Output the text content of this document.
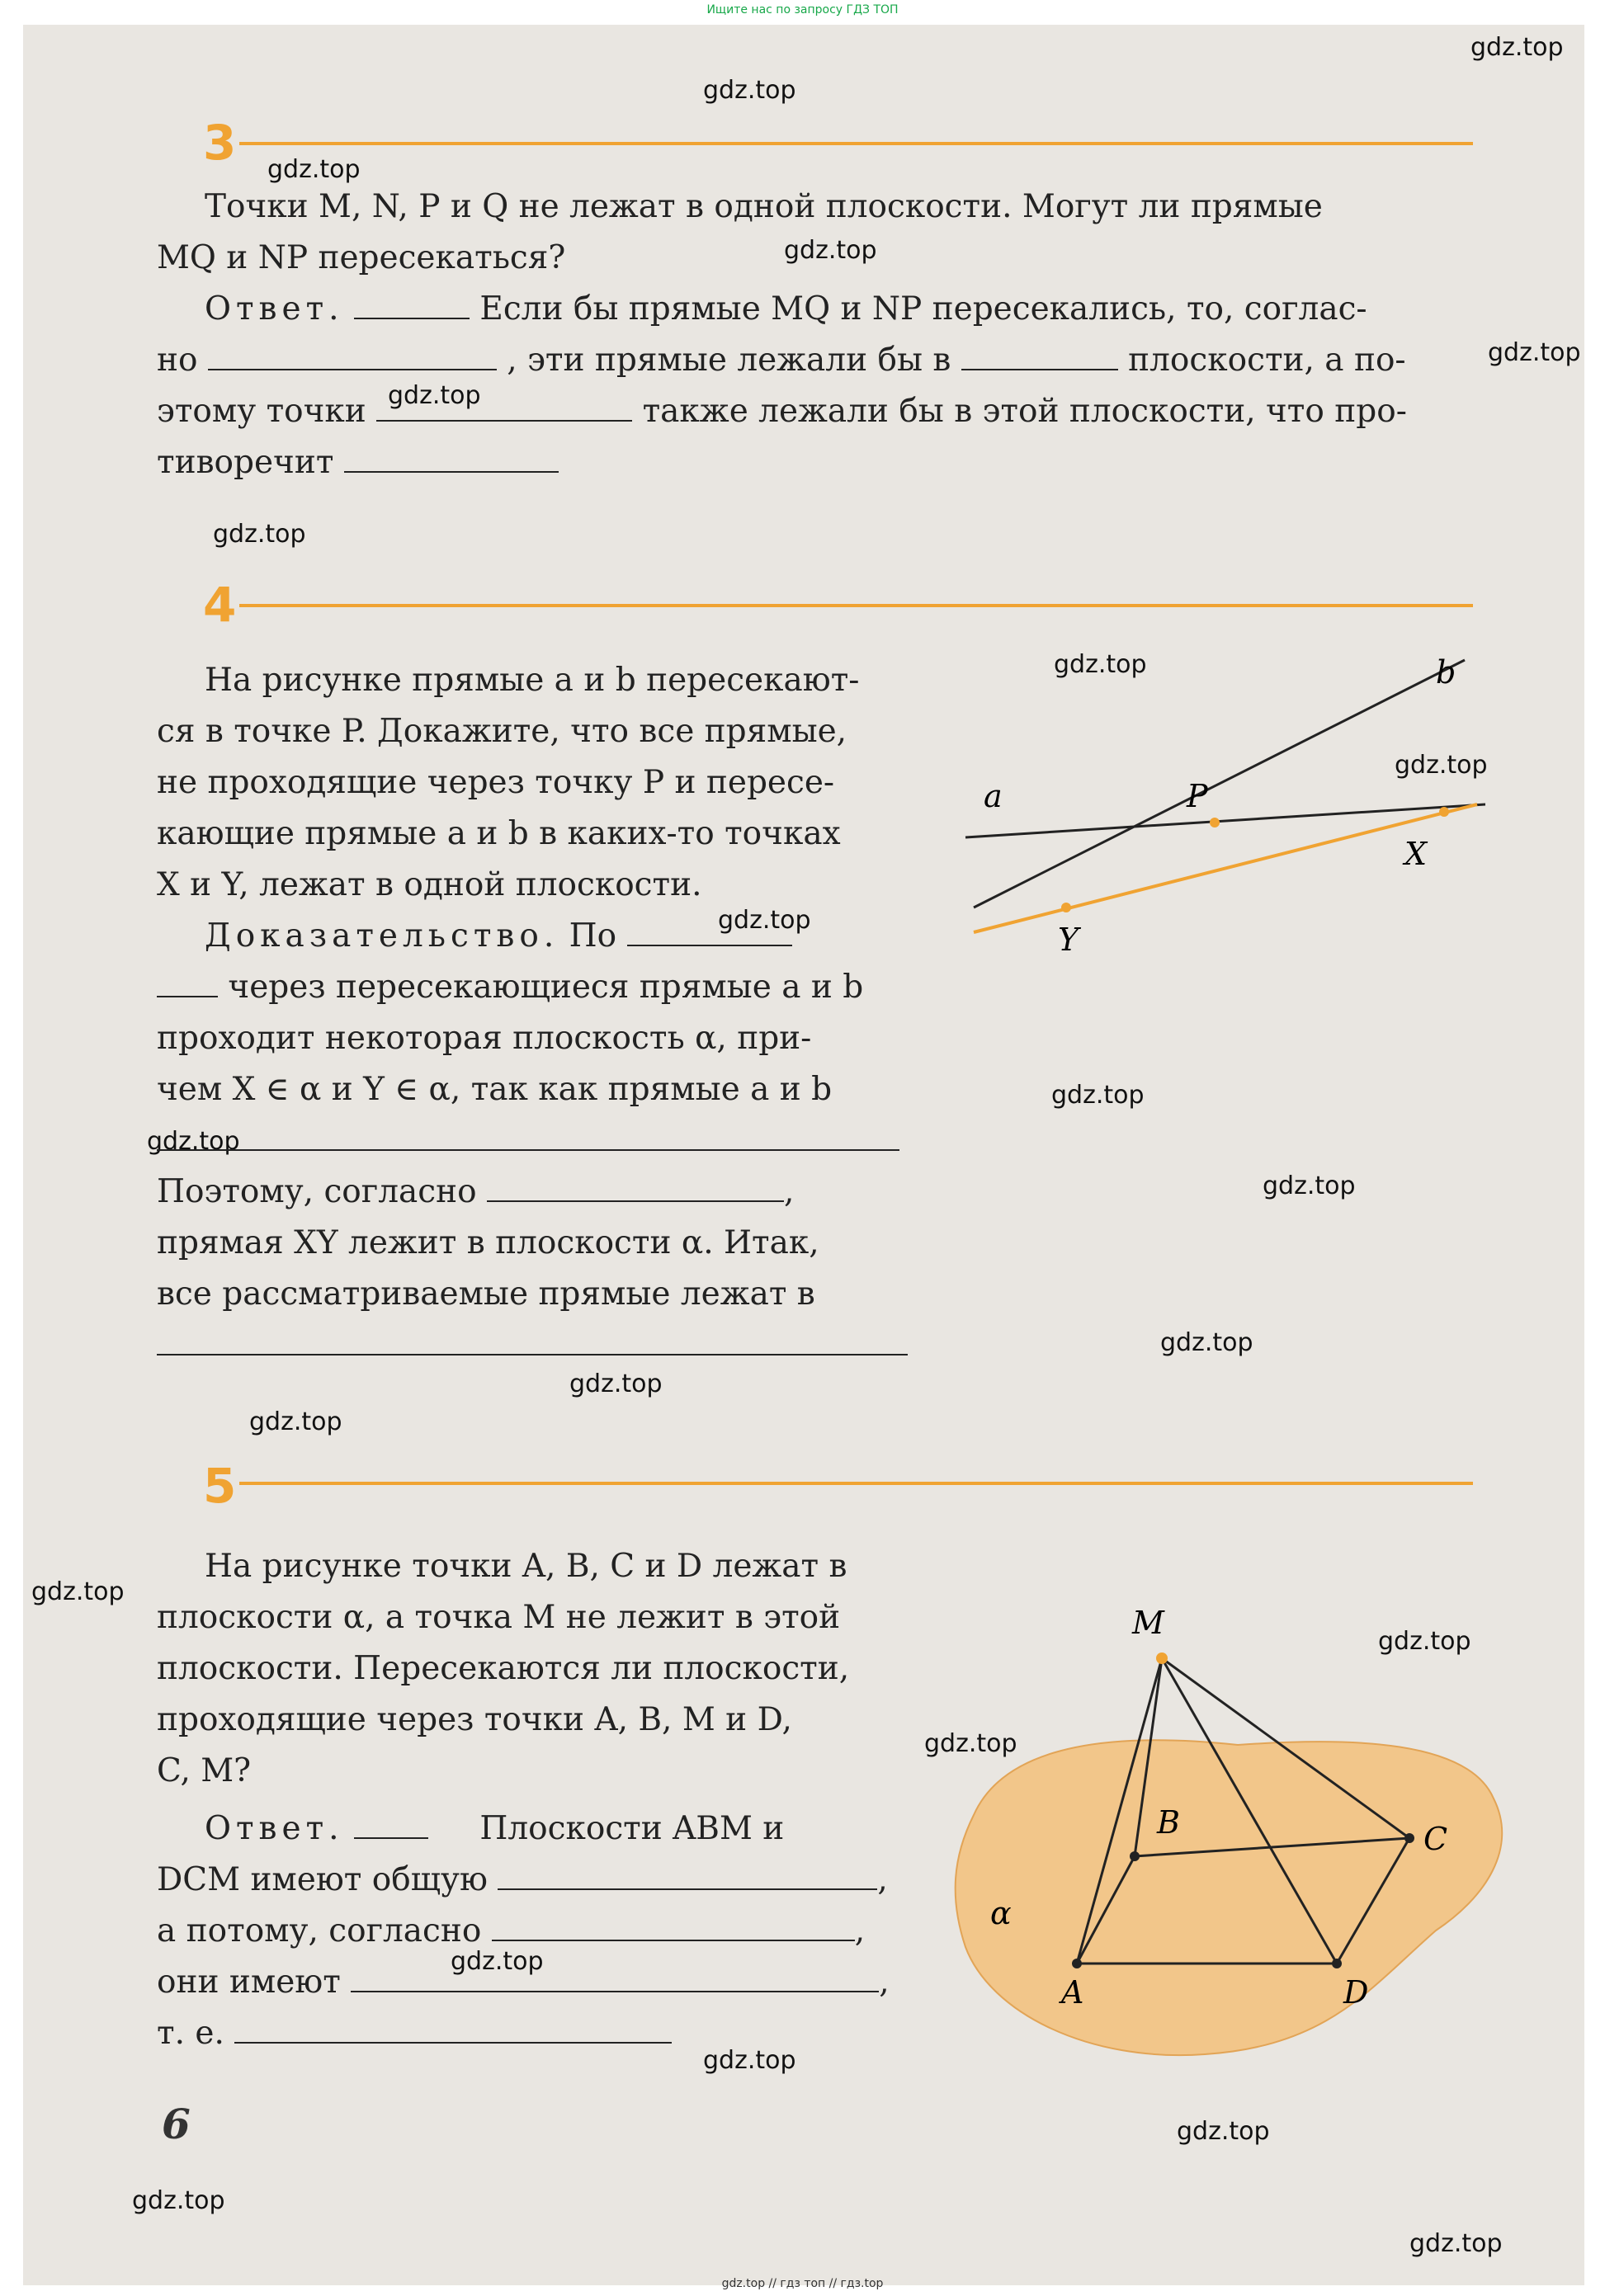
Ищите нас по запросу ГДЗ ТОП
gdz.top
gdz.top
gdz.top
gdz.top
gdz.top
gdz.top
gdz.top
gdz.top
gdz.top
gdz.top
gdz.top
gdz.top
gdz.top
gdz.top
gdz.top
gdz.top
gdz.top
gdz.top
gdz.top
gdz.top
gdz.top
gdz.top
gdz.top
gdz.top
3
Точки M, N, P и Q не лежат в одной плоскости. Могут ли прямые
MQ и NP пересекаться?
Ответ.	Если бы прямые MQ и NP пересекались, то, соглас-
но	, эти прямые лежали бы в	плоскости, а по-
этому точки	также лежали бы в этой плоскости, что про-
тиворечит
4
На рисунке прямые a и b пересекают-
ся в точке P. Докажите, что все прямые,
не проходящие через точку P и пересе-
кающие прямые a и b в каких-то точках
X и Y, лежат в одной плоскости.
Доказательство. По
через пересекающиеся прямые a и b
проходит некоторая плоскость α, при-
чем X ∈ α и Y ∈ α, так как прямые a и b
Поэтому, согласно	,
прямая XY лежит в плоскости α. Итак,
все рассматриваемые прямые лежат в
b
a	P
X
Y
5
На рисунке точки A, B, C и D лежат в
плоскости α, а точка M не лежит в этой
плоскости. Пересекаются ли плоскости,
проходящие через точки A, B, M и D,
C, M?
Ответ.	Плоскости ABM и
DCM имеют общую	,
а потому, согласно	,
они имеют	,
т. е.
M
B	C
A	D
α
6
gdz.top // гдз топ // гдз.top
